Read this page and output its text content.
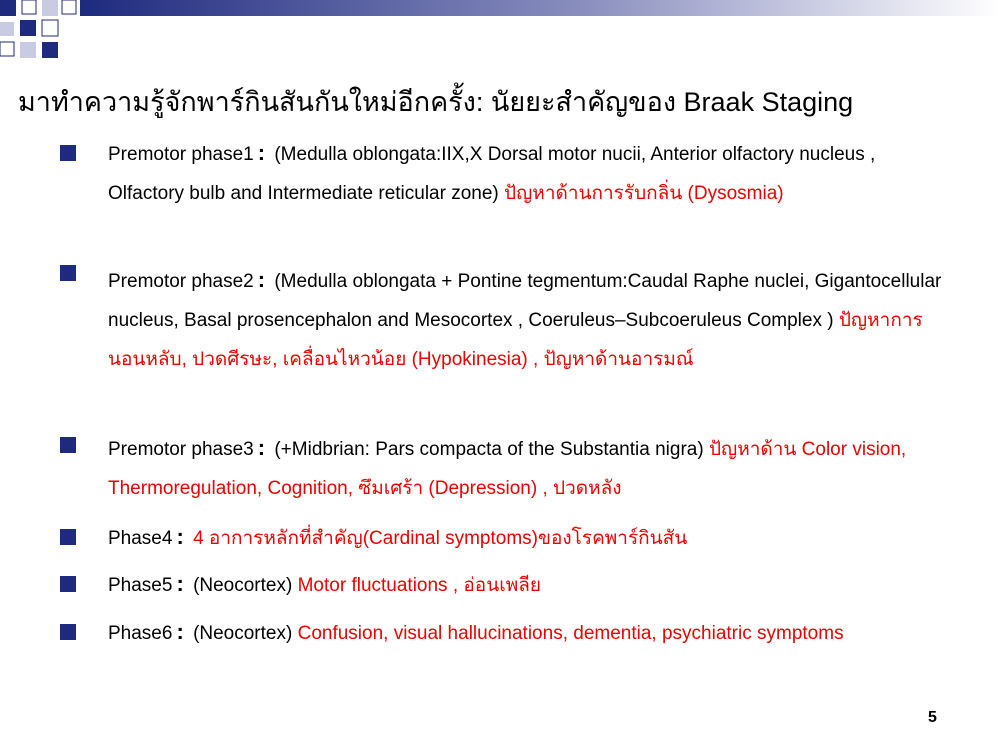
มาทำความรู้จักพาร์กินสันกันใหม่อีกครั้ง: นัยยะสำคัญของ Braak Staging
Premotor phase1 : (Medulla oblongata:IIX,X Dorsal motor nucii, Anterior olfactory nucleus , Olfactory bulb and Intermediate reticular zone) ปัญหาด้านการรับกลิ่น (Dysosmia)
Premotor phase2 : (Medulla oblongata + Pontine tegmentum:Caudal Raphe nuclei, Gigantocellular nucleus, Basal prosencephalon and Mesocortex , Coeruleus–Subcoeruleus Complex ) ปัญหาการนอนหลับ, ปวดศีรษะ, เคลื่อนไหวน้อย (Hypokinesia) , ปัญหาด้านอารมณ์
Premotor phase3 : (+Midbrian: Pars compacta of the Substantia nigra) ปัญหาด้าน Color vision, Thermoregulation, Cognition, ซึมเศร้า (Depression) , ปวดหลัง
Phase4 : 4 อาการหลักที่สำคัญ(Cardinal symptoms)ของโรคพาร์กินสัน
Phase5 : (Neocortex) Motor fluctuations , อ่อนเพลีย
Phase6 : (Neocortex) Confusion, visual hallucinations, dementia, psychiatric symptoms
5
